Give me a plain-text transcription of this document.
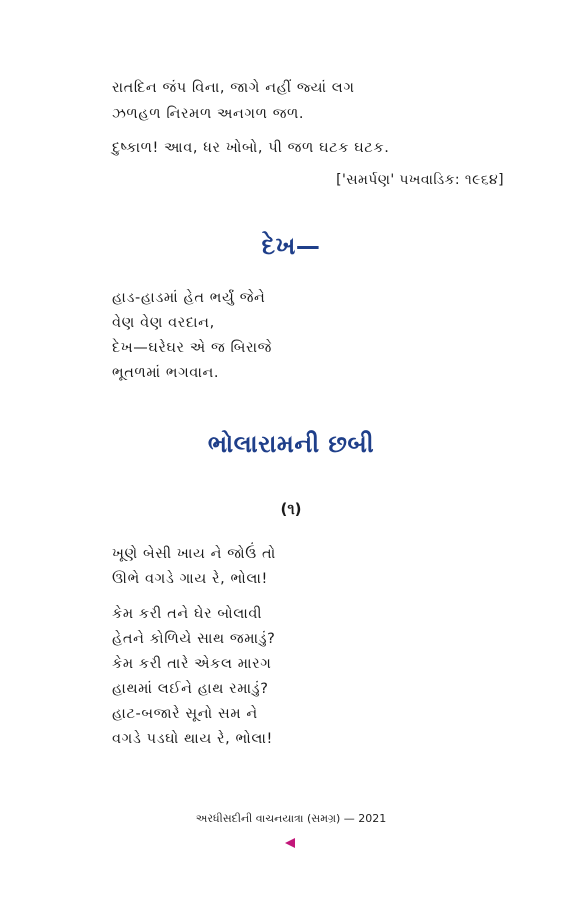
રાતદિન જંપ વિના, જાગે નહીં જ્યાં લગ
ઝળહળ નિરમળ અનગળ જળ.
દુષ્કાળ! આવ, ધર ખોબો, પી જળ ઘટક ઘટક.
['સમર્પણ' પખવાડિક: ૧૯૬૪]
દેખ—
હાડ-હાડમાં હેત ભર્યું જેને
વેણ વેણ વરદાન,
દેખ—ઘરેઘર એ જ બિરાજે
ભૂતળમાં ભગવાન.
ભોલારામની છબી
(૧)
ખૂણે બેસી ખાય ને જોઉં તો
ઊભે વગડે ગાય રે, ભોલા!
કેમ કરી તને ઘેર બોલાવી
હેતને કોળિયે સાથ જમાડું?
કેમ કરી તારે એકલ મારગ
હાથમાં લઈને હાથ રમાડું?
હાટ-બજારે સૂનો સમ ને
વગડે પડઘો થાય રે, ભોલા!
અરધીસદીની વાચનયાત્રા (સમગ્ર) — 2021
